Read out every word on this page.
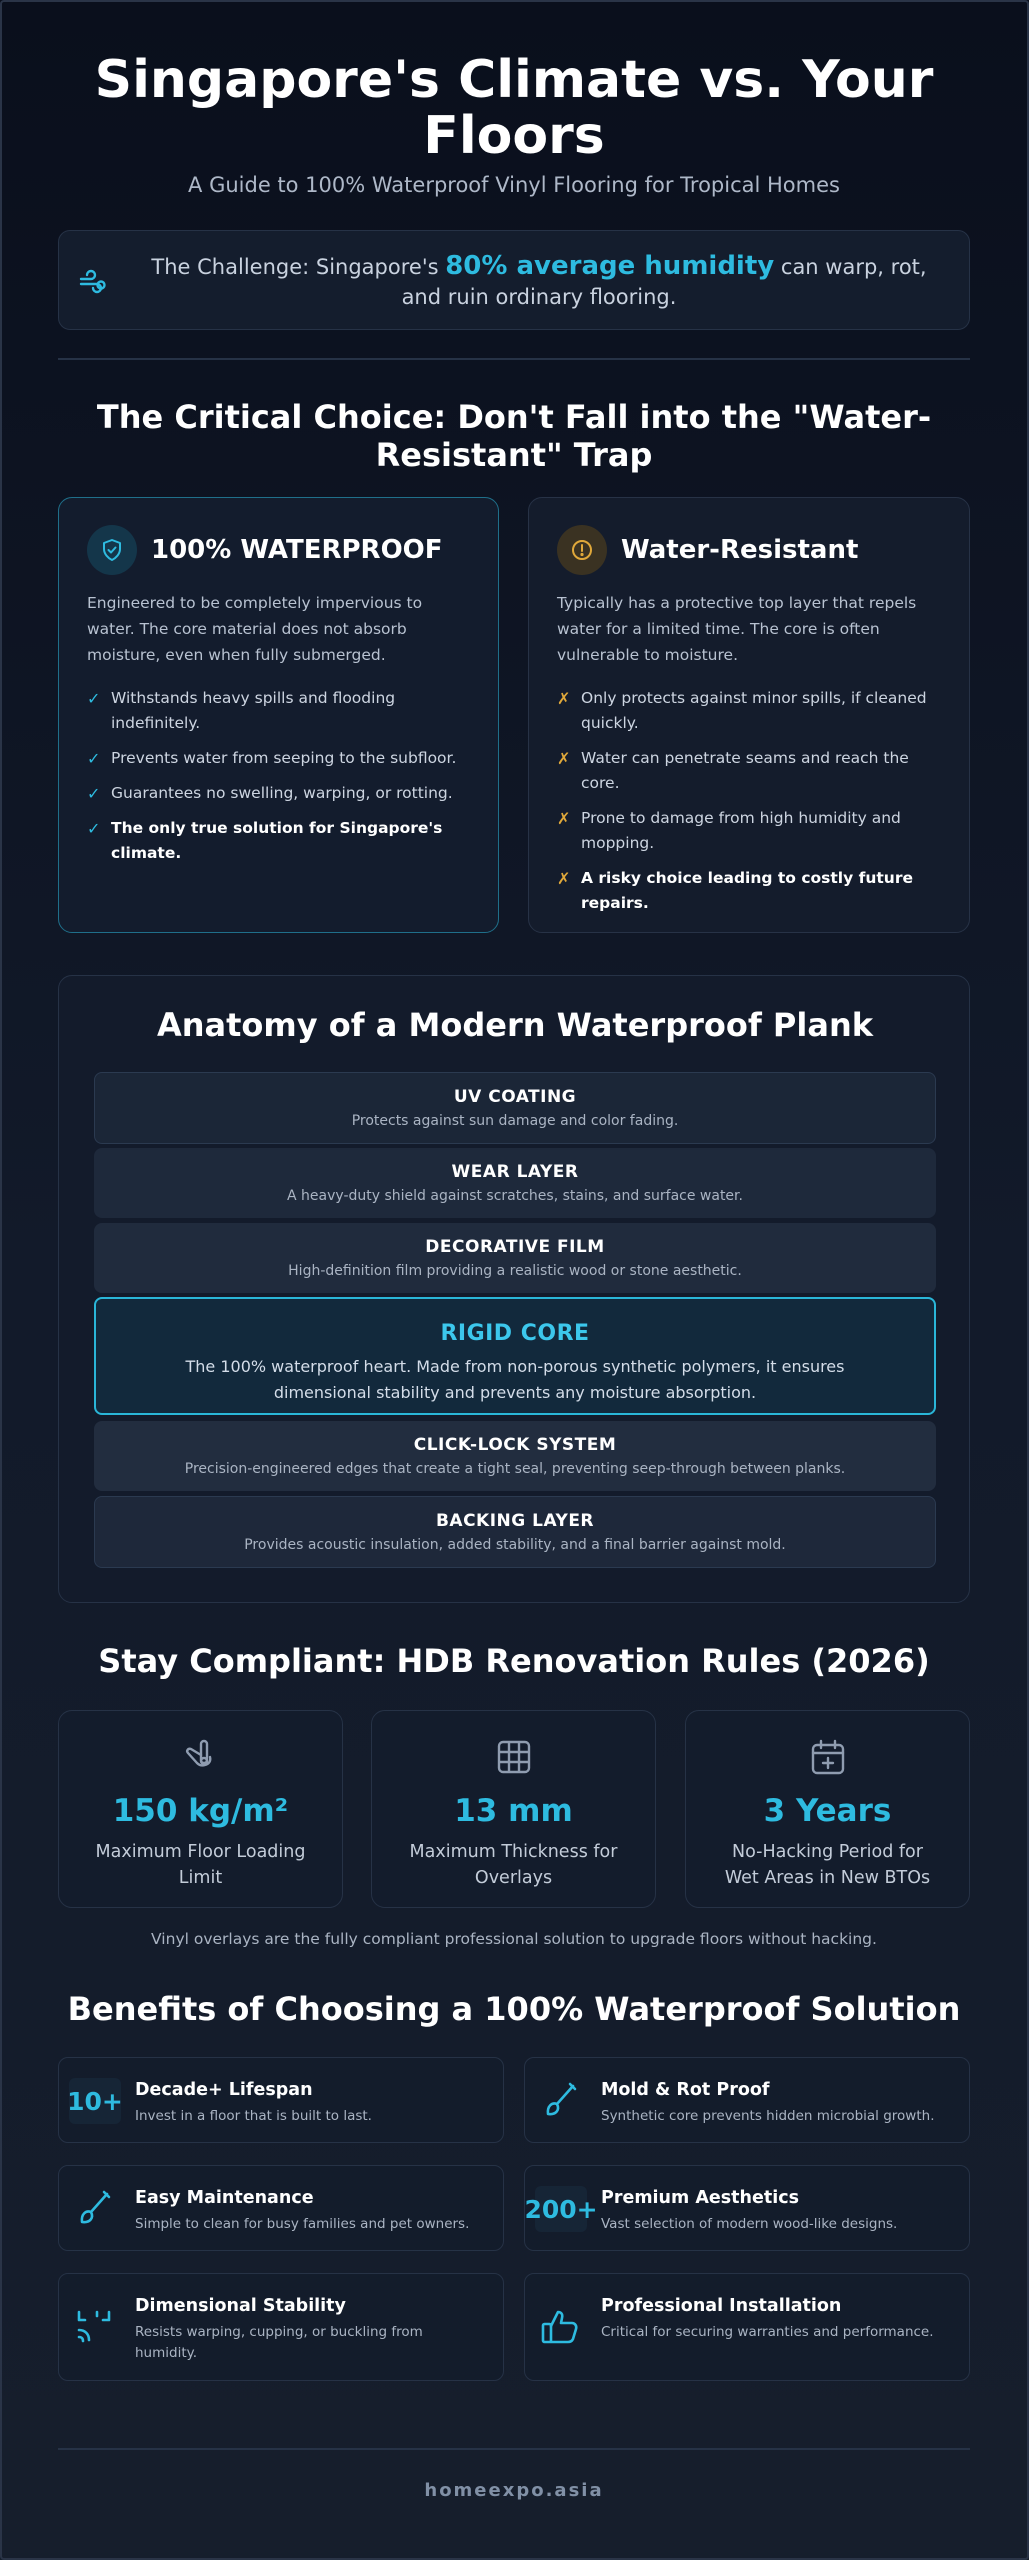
Singapore's Climate vs. Your Floors
A Guide to 100% Waterproof Vinyl Flooring for Tropical Homes
The Challenge: Singapore's 80% average humidity can warp, rot, and ruin ordinary flooring.
The Critical Choice: Don't Fall into the "Water-Resistant" Trap
100% WATERPROOF
Engineered to be completely impervious to water. The core material does not absorb moisture, even when fully submerged.
✓ Withstands heavy spills and flooding indefinitely.
✓ Prevents water from seeping to the subfloor.
✓ Guarantees no swelling, warping, or rotting.
✓ The only true solution for Singapore's climate.
Water-Resistant
Typically has a protective top layer that repels water for a limited time. The core is often vulnerable to moisture.
✗ Only protects against minor spills, if cleaned quickly.
✗ Water can penetrate seams and reach the core.
✗ Prone to damage from high humidity and mopping.
✗ A risky choice leading to costly future repairs.
Anatomy of a Modern Waterproof Plank
UV COATING
Protects against sun damage and color fading.
WEAR LAYER
A heavy-duty shield against scratches, stains, and surface water.
DECORATIVE FILM
High-definition film providing a realistic wood or stone aesthetic.
RIGID CORE
The 100% waterproof heart. Made from non-porous synthetic polymers, it ensures dimensional stability and prevents any moisture absorption.
CLICK-LOCK SYSTEM
Precision-engineered edges that create a tight seal, preventing seep-through between planks.
BACKING LAYER
Provides acoustic insulation, added stability, and a final barrier against mold.
Stay Compliant: HDB Renovation Rules (2026)
150 kg/m²
Maximum Floor Loading Limit
13 mm
Maximum Thickness for Overlays
3 Years
No-Hacking Period for Wet Areas in New BTOs
Vinyl overlays are the fully compliant professional solution to upgrade floors without hacking.
Benefits of Choosing a 100% Waterproof Solution
10+ Decade+ Lifespan
Invest in a floor that is built to last.
Mold & Rot Proof
Synthetic core prevents hidden microbial growth.
Easy Maintenance
Simple to clean for busy families and pet owners.
200+ Premium Aesthetics
Vast selection of modern wood-like designs.
Dimensional Stability
Resists warping, cupping, or buckling from humidity.
Professional Installation
Critical for securing warranties and performance.
homeexpo.asia
